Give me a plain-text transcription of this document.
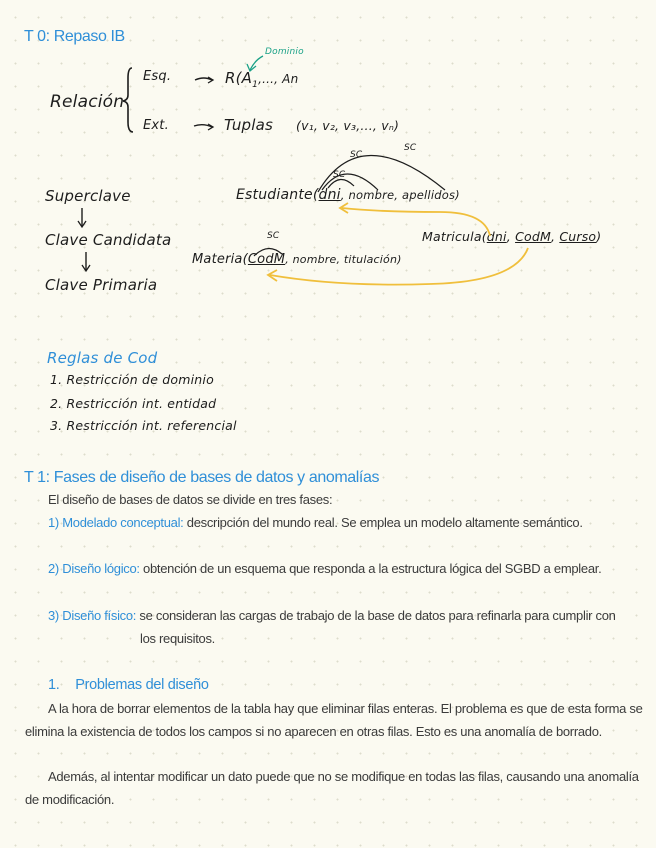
T 0: Repaso IB
Relación
Esq.	$R(A_1$,..., An
Dominio
Ext.	Tuplas (v₁, v₂, v₃,..., vₙ)
Superclave
Clave Candidata
Clave Primaria
Estudiante(dni, nombre, apellidos)
Materia(CodM, nombre, titulación)
Matricula(dni, CodM, Curso)
SC
SC
SC
SC
Reglas de Cod
1. Restricción de dominio
2. Restricción int. entidad
3. Restricción int. referencial
T 1: Fases de diseño de bases de datos y anomalías
El diseño de bases de datos se divide en tres fases:
1) Modelado conceptual: descripción del mundo real. Se emplea un modelo altamente semántico.
2) Diseño lógico: obtención de un esquema que responda a la estructura lógica del SGBD a emplear.
3) Diseño físico: se consideran las cargas de trabajo de la base de datos para refinarla para cumplir con
los requisitos.
1. Problemas del diseño
A la hora de borrar elementos de la tabla hay que eliminar filas enteras. El problema es que de esta forma se
elimina la existencia de todos los campos si no aparecen en otras filas. Esto es una anomalía de borrado.
Además, al intentar modificar un dato puede que no se modifique en todas las filas, causando una anomalía
de modificación.
